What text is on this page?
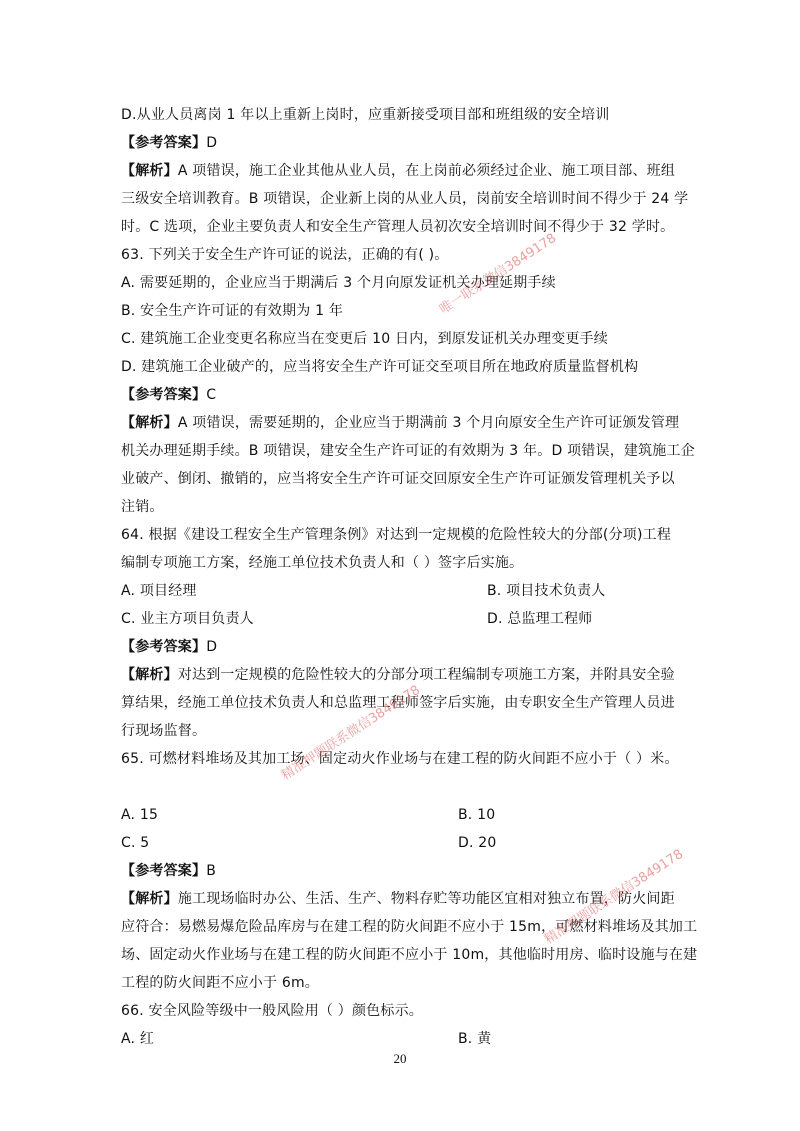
D.从业人员离岗 1 年以上重新上岗时，应重新接受项目部和班组级的安全培训
【参考答案】D
【解析】A 项错误，施工企业其他从业人员，在上岗前必须经过企业、施工项目部、班组
三级安全培训教育。B 项错误，企业新上岗的从业人员，岗前安全培训时间不得少于 24 学
时。C 选项，企业主要负责人和安全生产管理人员初次安全培训时间不得少于 32 学时。
63. 下列关于安全生产许可证的说法，正确的有( )。
A. 需要延期的，企业应当于期满后 3 个月向原发证机关办理延期手续
B. 安全生产许可证的有效期为 1 年
C. 建筑施工企业变更名称应当在变更后 10 日内，到原发证机关办理变更手续
D. 建筑施工企业破产的，应当将安全生产许可证交至项目所在地政府质量监督机构
【参考答案】C
【解析】A 项错误，需要延期的，企业应当于期满前 3 个月向原安全生产许可证颁发管理
机关办理延期手续。B 项错误，建安全生产许可证的有效期为 3 年。D 项错误，建筑施工企
业破产、倒闭、撤销的，应当将安全生产许可证交回原安全生产许可证颁发管理机关予以
注销。
64. 根据《建设工程安全生产管理条例》对达到一定规模的危险性较大的分部(分项)工程
编制专项施工方案，经施工单位技术负责人和（ ）签字后实施。
A. 项目经理	B. 项目技术负责人
C. 业主方项目负责人	D. 总监理工程师
【参考答案】D
【解析】对达到一定规模的危险性较大的分部分项工程编制专项施工方案，并附具安全验
算结果，经施工单位技术负责人和总监理工程师签字后实施，由专职安全生产管理人员进
行现场监督。
65. 可燃材料堆场及其加工场、固定动火作业场与在建工程的防火间距不应小于（ ）米。
A. 15	B. 10
C. 5	D. 20
【参考答案】B
【解析】施工现场临时办公、生活、生产、物料存贮等功能区宜相对独立布置，防火间距
应符合：易燃易爆危险品库房与在建工程的防火间距不应小于 15m，可燃材料堆场及其加工
场、固定动火作业场与在建工程的防火间距不应小于 10m，其他临时用房、临时设施与在建
工程的防火间距不应小于 6m。
66. 安全风险等级中一般风险用（ ）颜色标示。
A. 红	B. 黄
20
唯一联系微信3849178
精准押题联系微信3849178
精准押题联系微信3849178
